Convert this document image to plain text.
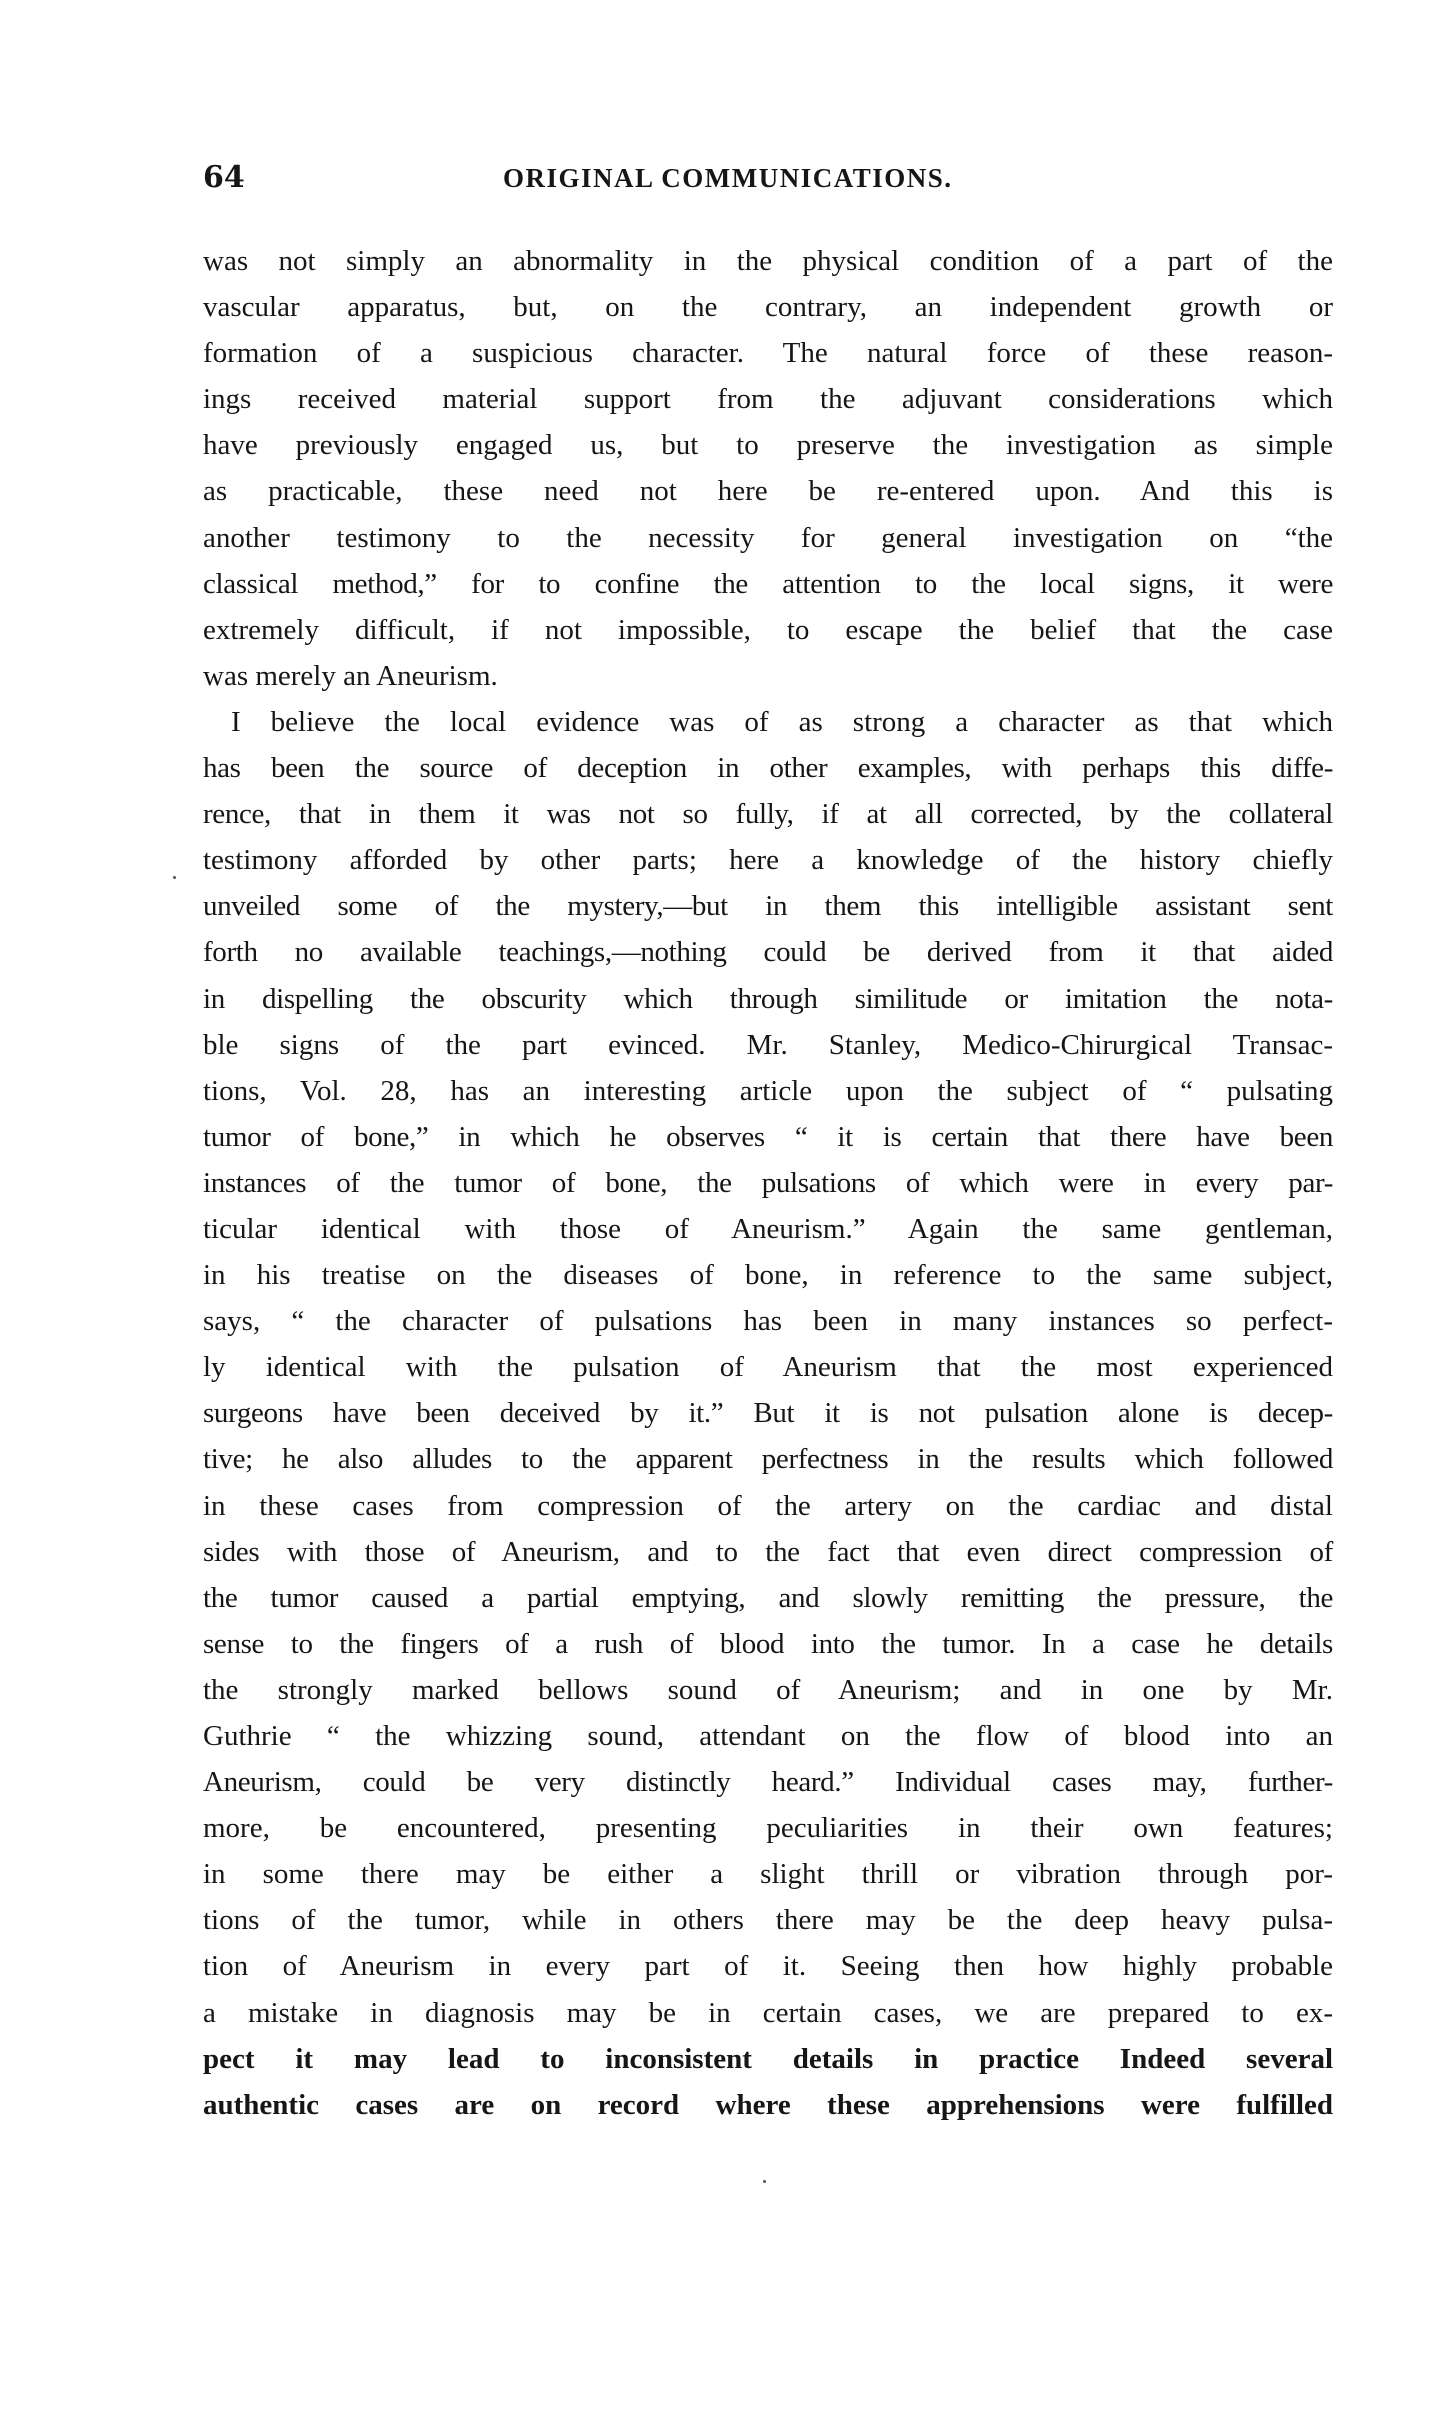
64	ORIGINAL COMMUNICATIONS.
was not simply an abnormality in the physical condition of a part of the
vascular apparatus, but, on the contrary, an independent growth or
formation of a suspicious character. The natural force of these reason-
ings received material support from the adjuvant considerations which
have previously engaged us, but to preserve the investigation as simple
as practicable, these need not here be re-entered upon. And this is
another testimony to the necessity for general investigation on “the
classical method,” for to confine the attention to the local signs, it were
extremely difficult, if not impossible, to escape the belief that the case
was merely an Aneurism.
I believe the local evidence was of as strong a character as that which
has been the source of deception in other examples, with perhaps this diffe-
rence, that in them it was not so fully, if at all corrected, by the collateral
testimony afforded by other parts; here a knowledge of the history chiefly
unveiled some of the mystery,—but in them this intelligible assistant sent
forth no available teachings,—nothing could be derived from it that aided
in dispelling the obscurity which through similitude or imitation the nota-
ble signs of the part evinced. Mr. Stanley, Medico-Chirurgical Transac-
tions, Vol. 28, has an interesting article upon the subject of “ pulsating
tumor of bone,” in which he observes “ it is certain that there have been
instances of the tumor of bone, the pulsations of which were in every par-
ticular identical with those of Aneurism.” Again the same gentleman,
in his treatise on the diseases of bone, in reference to the same subject,
says, “ the character of pulsations has been in many instances so perfect-
ly identical with the pulsation of Aneurism that the most experienced
surgeons have been deceived by it.” But it is not pulsation alone is decep-
tive; he also alludes to the apparent perfectness in the results which followed
in these cases from compression of the artery on the cardiac and distal
sides with those of Aneurism, and to the fact that even direct compression of
the tumor caused a partial emptying, and slowly remitting the pressure, the
sense to the fingers of a rush of blood into the tumor. In a case he details
the strongly marked bellows sound of Aneurism; and in one by Mr.
Guthrie “ the whizzing sound, attendant on the flow of blood into an
Aneurism, could be very distinctly heard.” Individual cases may, further-
more, be encountered, presenting peculiarities in their own features;
in some there may be either a slight thrill or vibration through por-
tions of the tumor, while in others there may be the deep heavy pulsa-
tion of Aneurism in every part of it. Seeing then how highly probable
a mistake in diagnosis may be in certain cases, we are prepared to ex-
pect it may lead to inconsistent details in practice Indeed several
authentic cases are on record where these apprehensions were fulfilled
